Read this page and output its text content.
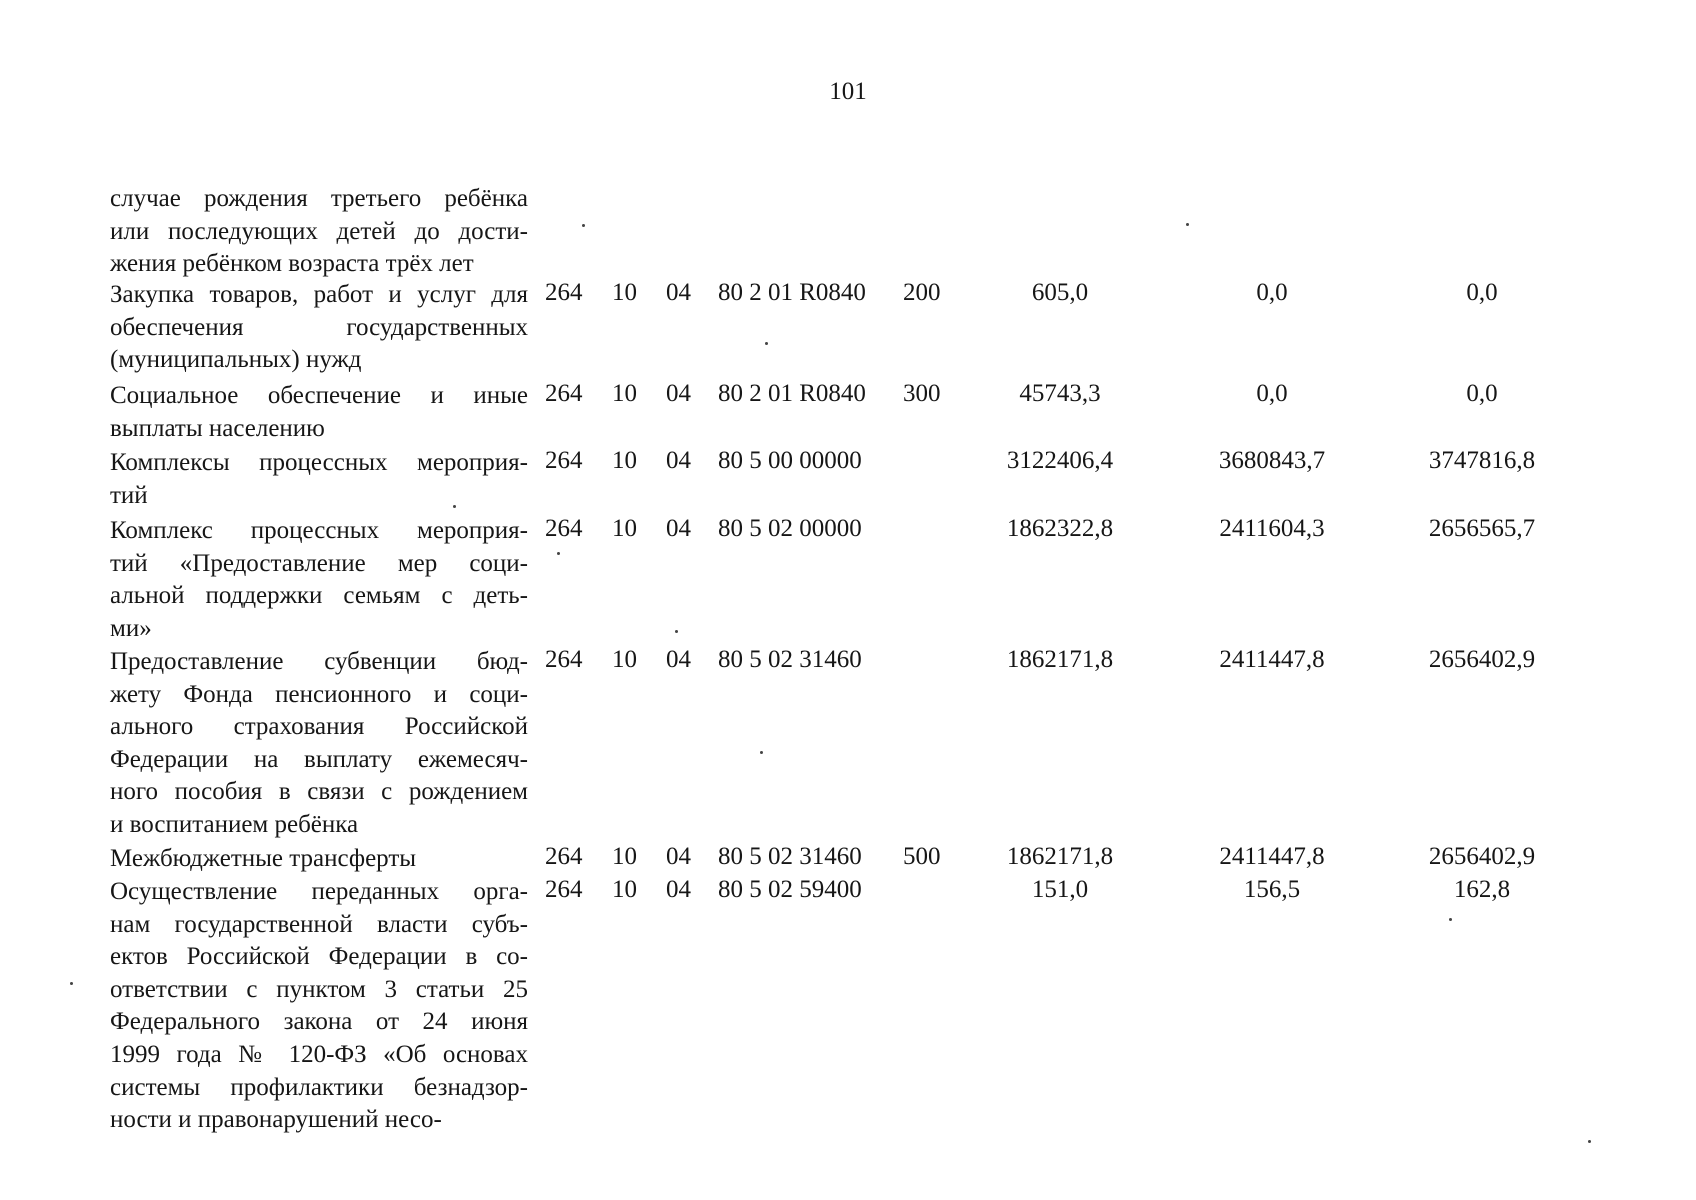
101
случае рождения третьего ребёнка
или последующих детей до дости-
жения ребёнком возраста трёх лет
Закупка товаров, работ и услуг для
обеспечения государственных
(муниципальных) нужд
264 10 04 80 2 01 R0840 200	605,0	0,0	0,0
Социальное обеспечение и иные
выплаты населению
264 10 04 80 2 01 R0840 300	45743,3	0,0	0,0
Комплексы процессных мероприя-
тий
264 10 04 80 5 00 00000	3122406,4	3680843,7	3747816,8
Комплекс процессных мероприя-
тий «Предоставление мер соци-
альной поддержки семьям с деть-
ми»
264 10 04 80 5 02 00000	1862322,8	2411604,3	2656565,7
Предоставление субвенции бюд-
жету Фонда пенсионного и соци-
ального страхования Российской
Федерации на выплату ежемесяч-
ного пособия в связи с рождением
и воспитанием ребёнка
264 10 04 80 5 02 31460	1862171,8	2411447,8	2656402,9
Межбюджетные трансферты	264 10 04 80 5 02 31460 500	1862171,8	2411447,8	2656402,9
Осуществление переданных орга-
нам государственной власти субъ-
ектов Российской Федерации в со-
ответствии с пунктом 3 статьи 25
Федерального закона от 24 июня
1999 года № 120-ФЗ «Об основах
системы профилактики безнадзор-
ности и правонарушений несо-
264 10 04 80 5 02 59400	151,0	156,5	162,8
